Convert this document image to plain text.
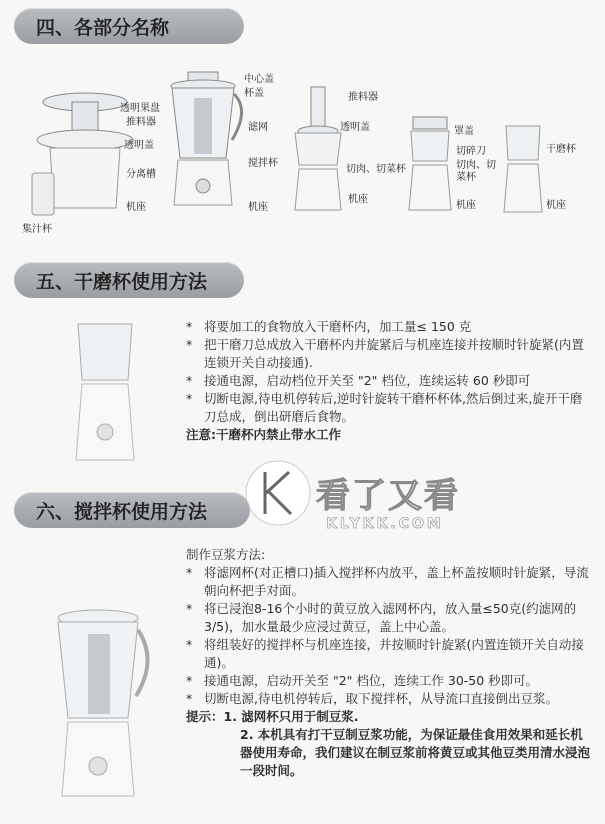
四、各部分名称
透明果盘
推料器
透明盖
分离槽
机座
集汁杯
中心盖
杯盖
滤网
搅拌杯
机座
推料器
透明盖
切肉、切菜杯
机座
罩盖
切碎刀
切肉、切菜杯
机座
干磨杯
机座
五、干磨杯使用方法
* 将要加工的食物放入干磨杯内，加工量≤ 150 克
* 把干磨刀总成放入干磨杯内并旋紧后与机座连接并按顺时针旋紧(内置连锁开关自动接通).
* 接通电源，启动档位开关至 "2" 档位，连续运转 60 秒即可
* 切断电源,待电机停转后,逆时针旋转干磨杯杯体,然后倒过来,旋开干磨刀总成，倒出研磨后食物。
注意:干磨杯内禁止带水工作
看了又看
KLYKK.COM
六、搅拌杯使用方法
制作豆浆方法:
* 将滤网杯(对正槽口)插入搅拌杯内放平，盖上杯盖按顺时针旋紧，导流朝向杯把手对面。
* 将已浸泡8-16个小时的黄豆放入滤网杯内，放入量≤50克(约滤网的 3/5)，加水量最少应浸过黄豆，盖上中心盖。
* 将组装好的搅拌杯与机座连接，并按顺时针旋紧(内置连锁开关自动接通)。
* 接通电源，启动开关至 "2" 档位，连续工作 30-50 秒即可。
* 切断电源,待电机停转后，取下搅拌杯，从导流口直接倒出豆浆。
提示：1. 滤网杯只用于制豆浆.
2. 本机具有打干豆制豆浆功能，为保证最佳食用效果和延长机器使用寿命，我们建议在制豆浆前将黄豆或其他豆类用清水浸泡一段时间。
